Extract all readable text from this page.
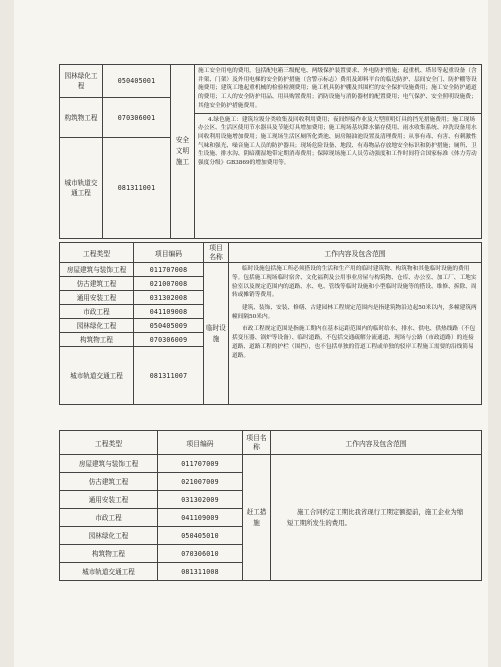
园林绿化工程	050405001	安全文明施工	施工安全用电的费用，包括配电箱三级配电、两级保护装置要求、外电防护措施；起重机、塔吊等起重设备（含井架、门架）及外用电梯的安全防护措施（含警示标志）费用及卸料平台的临边防护、层间安全门、防护棚等设施费用；建筑工地起重机械的检验检测费用；施工机具防护棚及其围栏的安全保护设施费用；施工安全防护通道的费用；工人的安全防护用品、用具购置费用；消防设施与消防器材的配置费用；电气保护、安全照明设施费；其他安全防护措施费用。
4.绿色施工：建筑垃圾分类收集及回收利用费用；夜间焊接作业及大型照明灯具的挡光措施费用；施工现场办公区、生活区使用节水器具及节能灯具增加费用；施工现场基坑降水储存使用、雨水收集系统、冲洗设备用水回收利用设施增加费用；施工现场生活区厕所化粪池、厨房隔油池设置及清理费用；从事有毒、有害、有刺激性气味和强光、噪音施工人员的防护器具；现场危险设备、地段、有毒物品存放地安全标识和防护措施；厕所、卫生设施、排水沟、阴暗潮湿地带定期消毒费用；保障现场施工人员劳动强度和工作时间符合国家标准《体力劳动强度分级》GB3869的增加费用等。

构筑物工程	070306001		
城市轨道交通工程	081311001		
工程类型	项目编码	项目名称	工作内容及包含范围
房屋建筑与装饰工程	011707008	临时设施	临时设施包括施工所必须搭设的生活和生产用的临时建筑物、构筑物和其他临时设施的费用等。包括施工现场临时宿舍、文化福利及公用事业房屋与构筑物、仓库、办公室、加工厂、工地实验室以及规定范围内的道路、水、电、管线等临时设施和小型临时设施等的搭设、维修、拆除、周转或摊销等费用。
建筑、装饰、安装、修缮、古建园林工程规定范围内是指建筑物沿边起50米以内，多幢建筑两幢间隔50米内。
市政工程规定范围是指施工期内在基本运距范围内的临时给水、排水、供电、供热线路（不包括变压器、锅炉等设备）、临时道路，不包括交通疏解分流通道、现场与公路（市政道路）的连接道路、道路工程的护栏（围挡），也不包括单独的管道工程或单独的驳岸工程施工需要的沿线简易道路。

仿古建筑工程	021007008		
通用安装工程	031302008		
市政工程	041109008		
园林绿化工程	050405009		
构筑物工程	070306009		
城市轨道交通工程	081311007		
工程类型	项目编码	项目名称	工作内容及包含范围
房屋建筑与装饰工程	011707009	赶工措施	施工合同约定工期比我省现行工期定额提前，施工企业为缩短工期所发生的费用。
仿古建筑工程	021007009		
通用安装工程	031302009		
市政工程	041109009		
园林绿化工程	050405010		
构筑物工程	070306010		
城市轨道交通工程	081311008		
